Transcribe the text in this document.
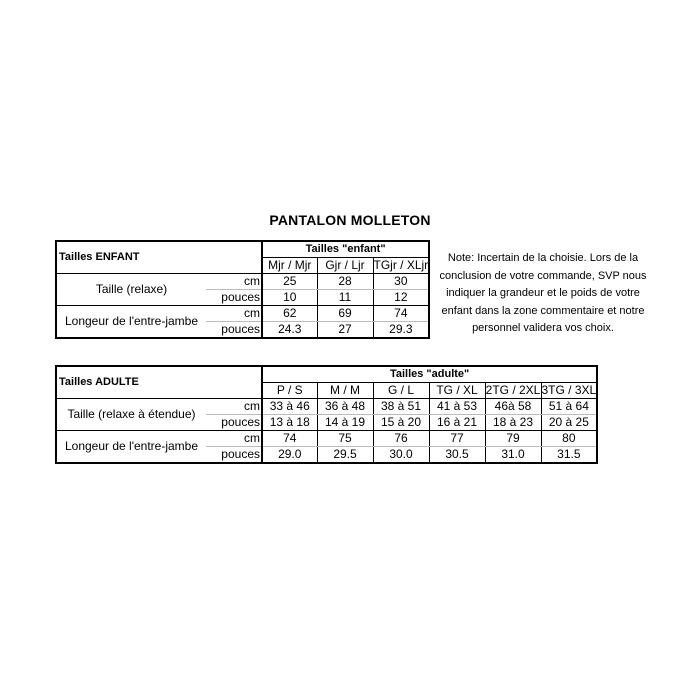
PANTALON MOLLETON
Tailles ENFANT		Tailles "enfant"		
		Mjr / Mjr	Gjr / Ljr	TGjr / XLjr
Taille (relaxe)	cm	25	28	30
	pouces	10	11	12
Longeur de l'entre-jambe	cm	62	69	74
	pouces	24.3	27	29.3
Note: Incertain de la choisie. Lors de la conclusion de votre commande, SVP nous indiquer la grandeur et le poids de votre enfant dans la zone commentaire et notre personnel validera vos choix.
Tailles ADULTE		Tailles "adulte"					
		P / S	M / M	G / L	TG / XL	2TG / 2XL	3TG / 3XL
Taille (relaxe à étendue)	cm	33 à 46	36 à 48	38 à 51	41 à 53	46à 58	51 à 64
	pouces	13 à 18	14 à 19	15 à 20	16 à 21	18 à 23	20 à 25
Longeur de l'entre-jambe	cm	74	75	76	77	79	80
	pouces	29.0	29.5	30.0	30.5	31.0	31.5
